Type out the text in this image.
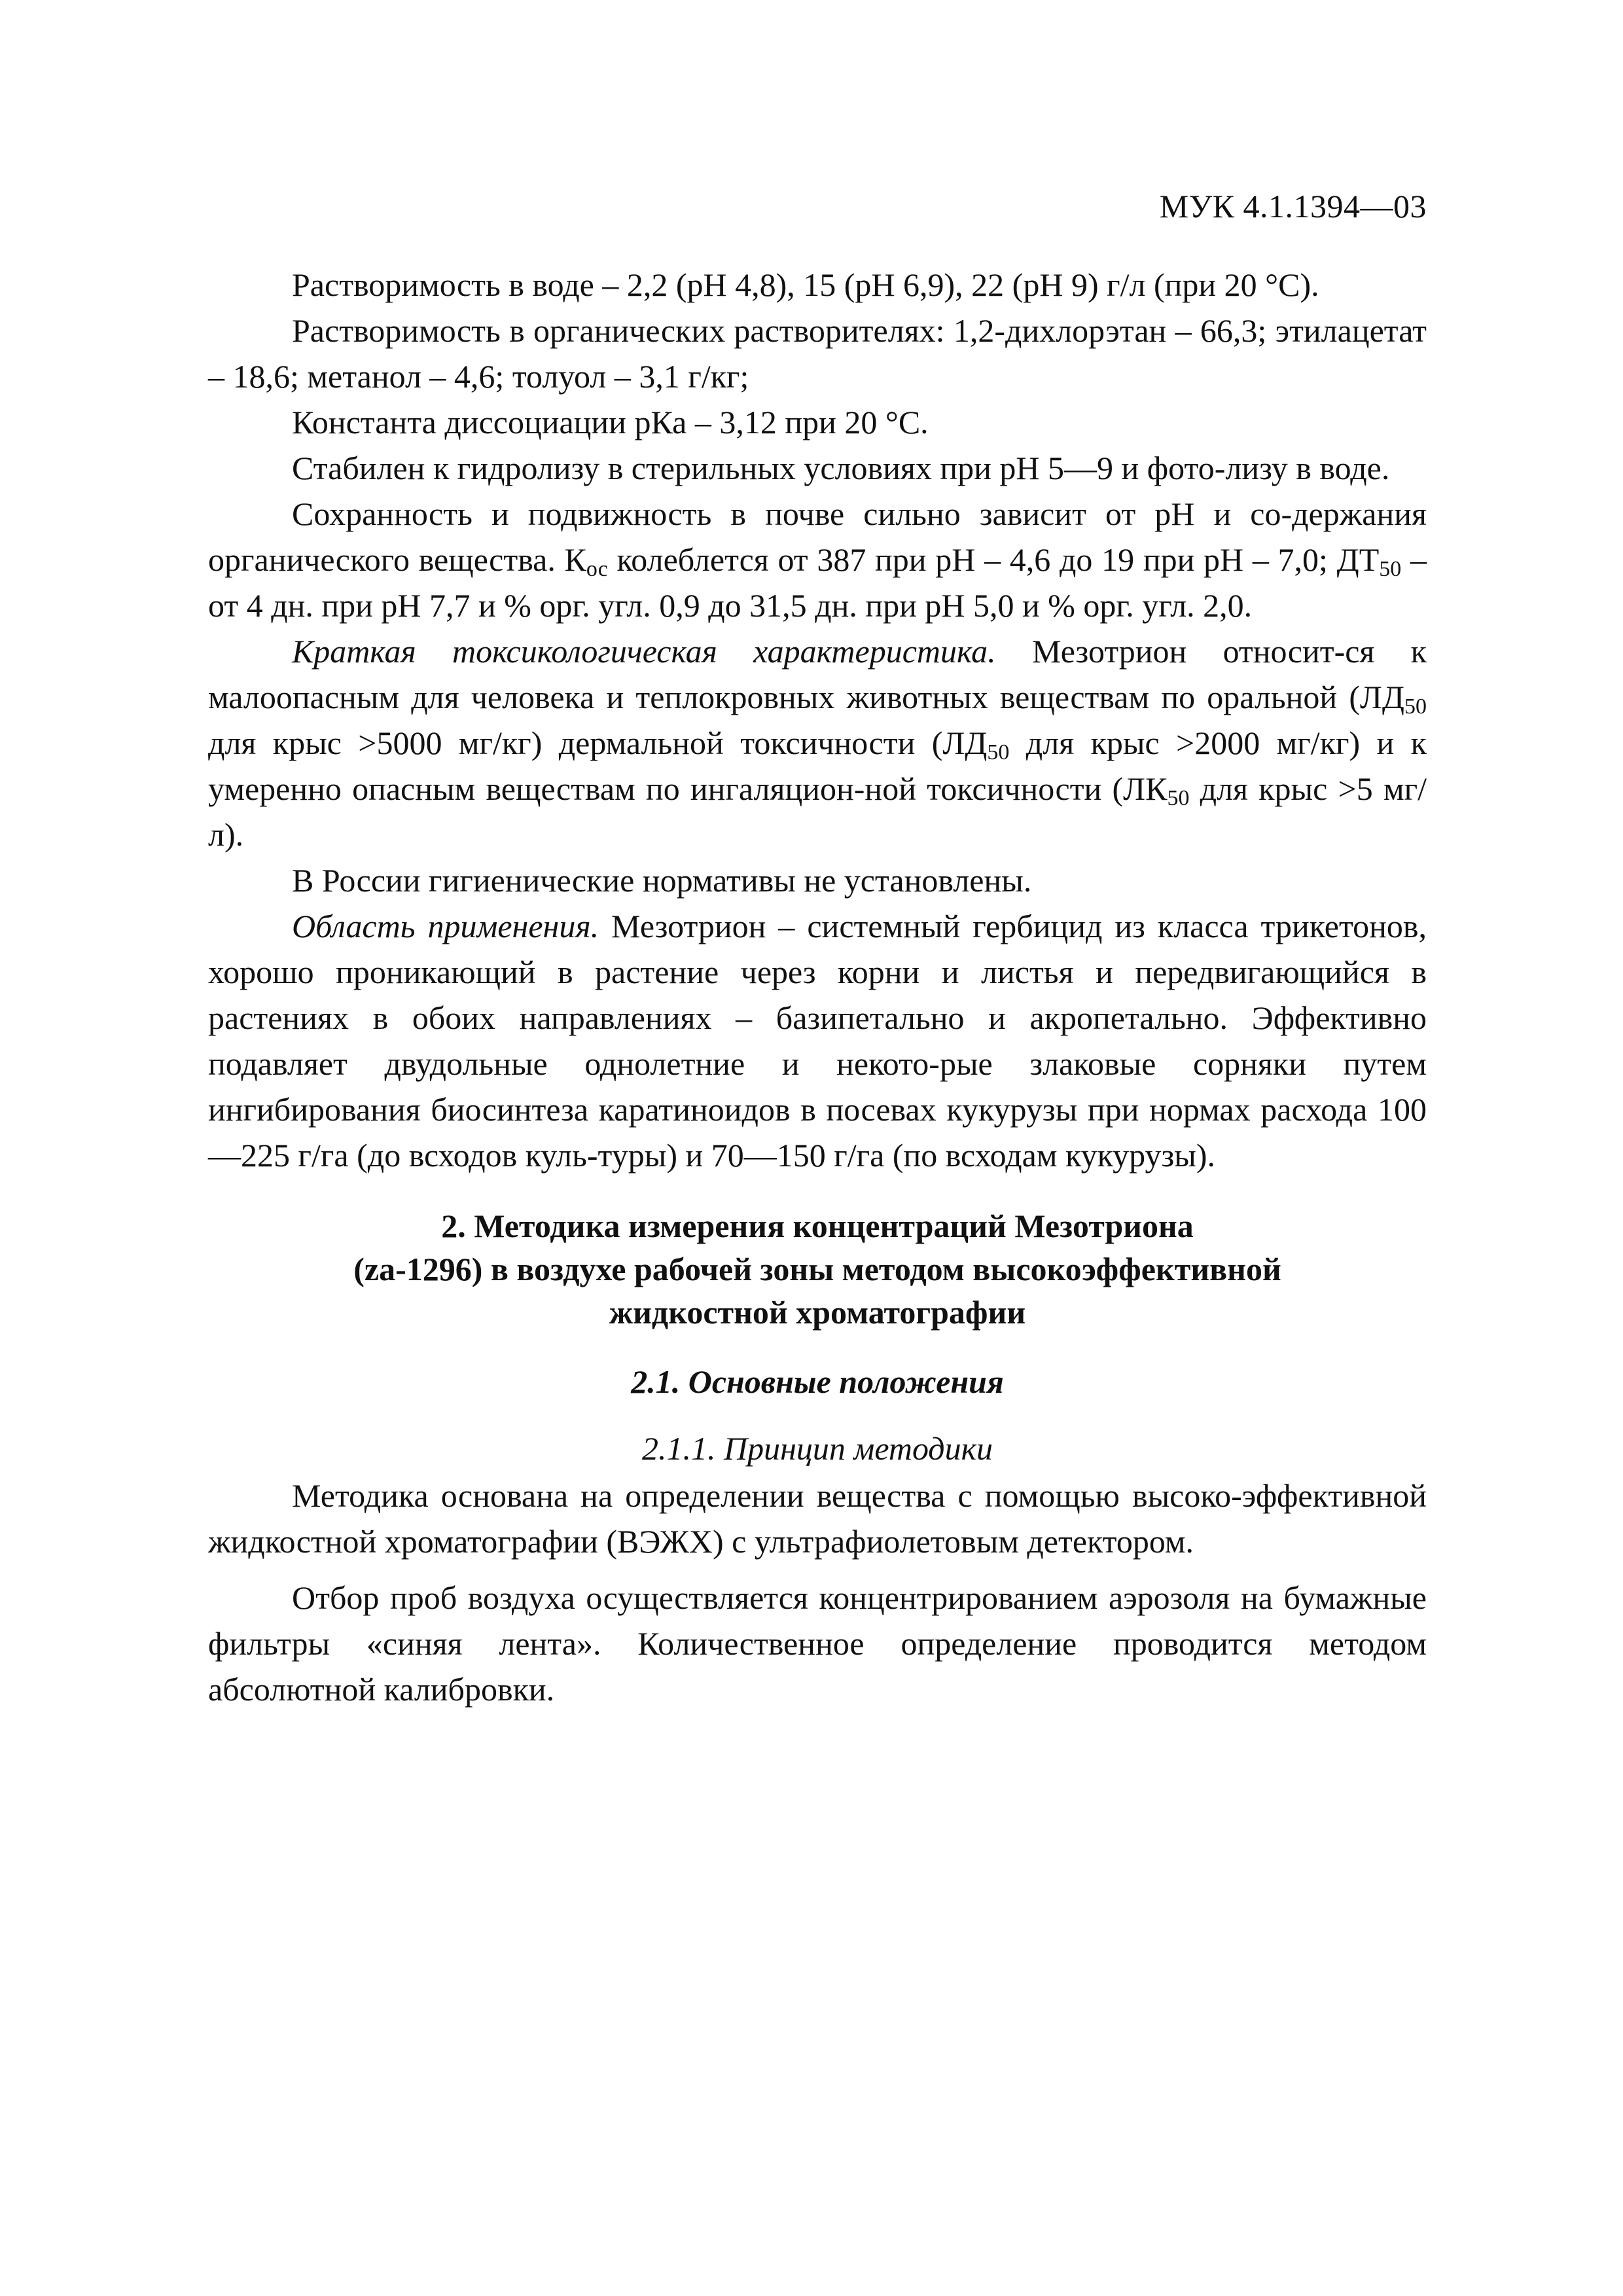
МУК 4.1.1394—03

Растворимость в воде – 2,2 (рН 4,8), 15 (рН 6,9), 22 (рН 9) г/л (при 20 °С).

Растворимость в органических растворителях: 1,2-дихлорэтан – 66,3; этилацетат – 18,6; метанол – 4,6; толуол – 3,1 г/кг;

Константа диссоциации рКа – 3,12 при 20 °С.

Стабилен к гидролизу в стерильных условиях при рН 5—9 и фото-лизу в воде.

Сохранность и подвижность в почве сильно зависит от рН и со-держания органического вещества. $К_{ос}$ колеблется от 387 при рН – 4,6 до 19 при рН – 7,0; $ДТ_{50}$ – от 4 дн. при рН 7,7 и % орг. угл. 0,9 до 31,5 дн. при рН 5,0 и % орг. угл. 2,0.

Краткая токсикологическая характеристика. Мезотрион относит-ся к малоопасным для человека и теплокровных животных веществам по оральной ($ЛД_{50}$ для крыс >5000 мг/кг) дермальной токсичности ($ЛД_{50}$ для крыс >2000 мг/кг) и к умеренно опасным веществам по ингаляцион-ной токсичности ($ЛК_{50}$ для крыс >5 мг/л).

В России гигиенические нормативы не установлены.

Область применения. Мезотрион – системный гербицид из класса трикетонов, хорошо проникающий в растение через корни и листья и передвигающийся в растениях в обоих направлениях – базипетально и акропетально. Эффективно подавляет двудольные однолетние и некото-рые злаковые сорняки путем ингибирования биосинтеза каратиноидов в посевах кукурузы при нормах расхода 100—225 г/га (до всходов куль-туры) и 70—150 г/га (по всходам кукурузы).

2. Методика измерения концентраций Мезотриона
(za-1296) в воздухе рабочей зоны методом высокоэффективной
жидкостной хроматографии
2.1. Основные положения
2.1.1. Принцип методики

Методика основана на определении вещества с помощью высоко-эффективной жидкостной хроматографии (ВЭЖХ) с ультрафиолетовым детектором.

Отбор проб воздуха осуществляется концентрированием аэрозоля на бумажные фильтры «синяя лента». Количественное определение проводится методом абсолютной калибровки.
